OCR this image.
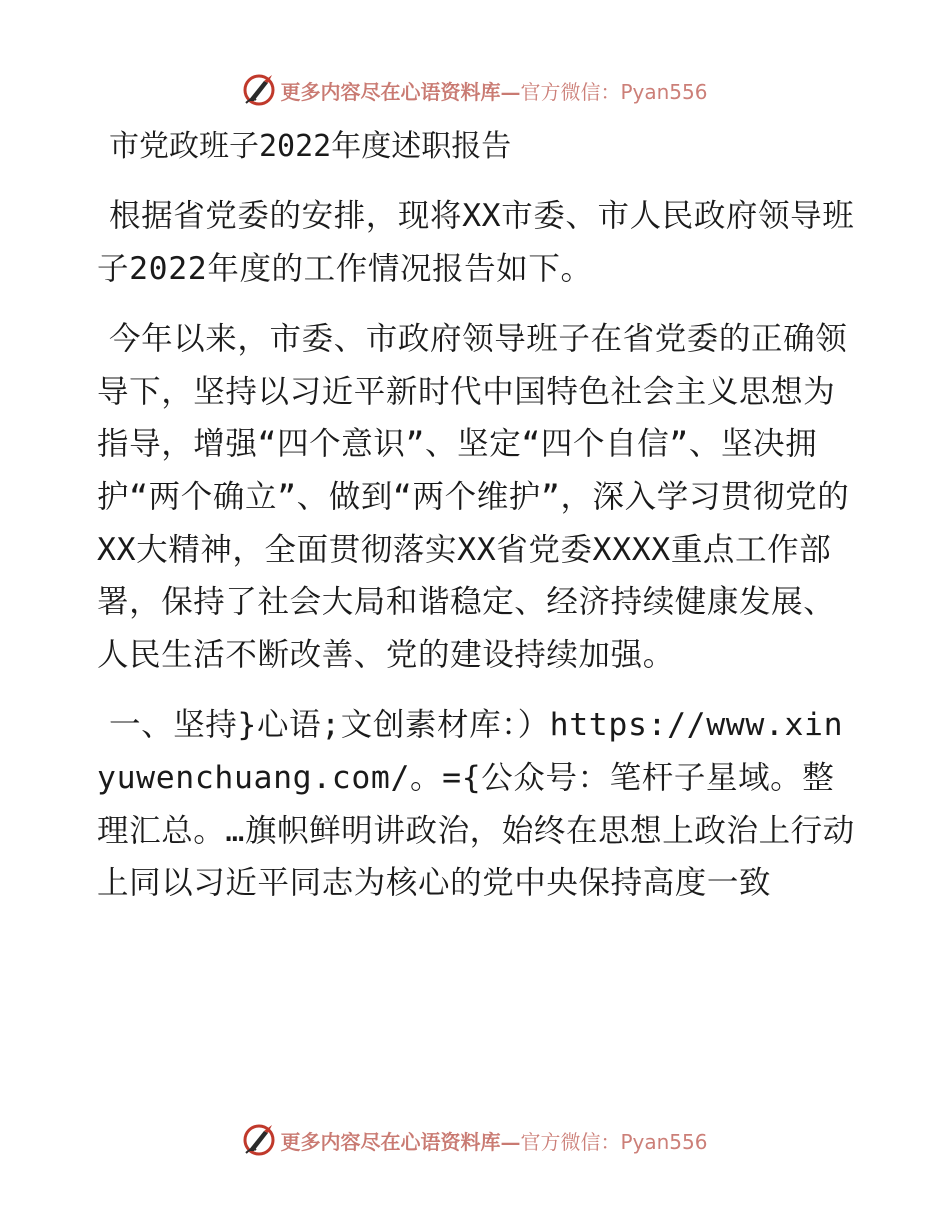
更多内容尽在心语资料库—官方微信：Pyan556
市党政班子2022年度述职报告
根据省党委的安排，现将XX市委、市人民政府领导班子2022年度的工作情况报告如下。
今年以来，市委、市政府领导班子在省党委的正确领导下，坚持以习近平新时代中国特色社会主义思想为指导，增强“四个意识”、坚定“四个自信”、坚决拥护“两个确立”、做到“两个维护”，深入学习贯彻党的XX大精神，全面贯彻落实XX省党委XXXX重点工作部署，保持了社会大局和谐稳定、经济持续健康发展、人民生活不断改善、党的建设持续加强。
一、坚持}心语;文创素材库：）https://www.xinyuwenchuang.com/。={公众号：笔杆子星域。整理汇总。…旗帜鲜明讲政治，始终在思想上政治上行动上同以习近平同志为核心的党中央保持高度一致
更多内容尽在心语资料库—官方微信：Pyan556
